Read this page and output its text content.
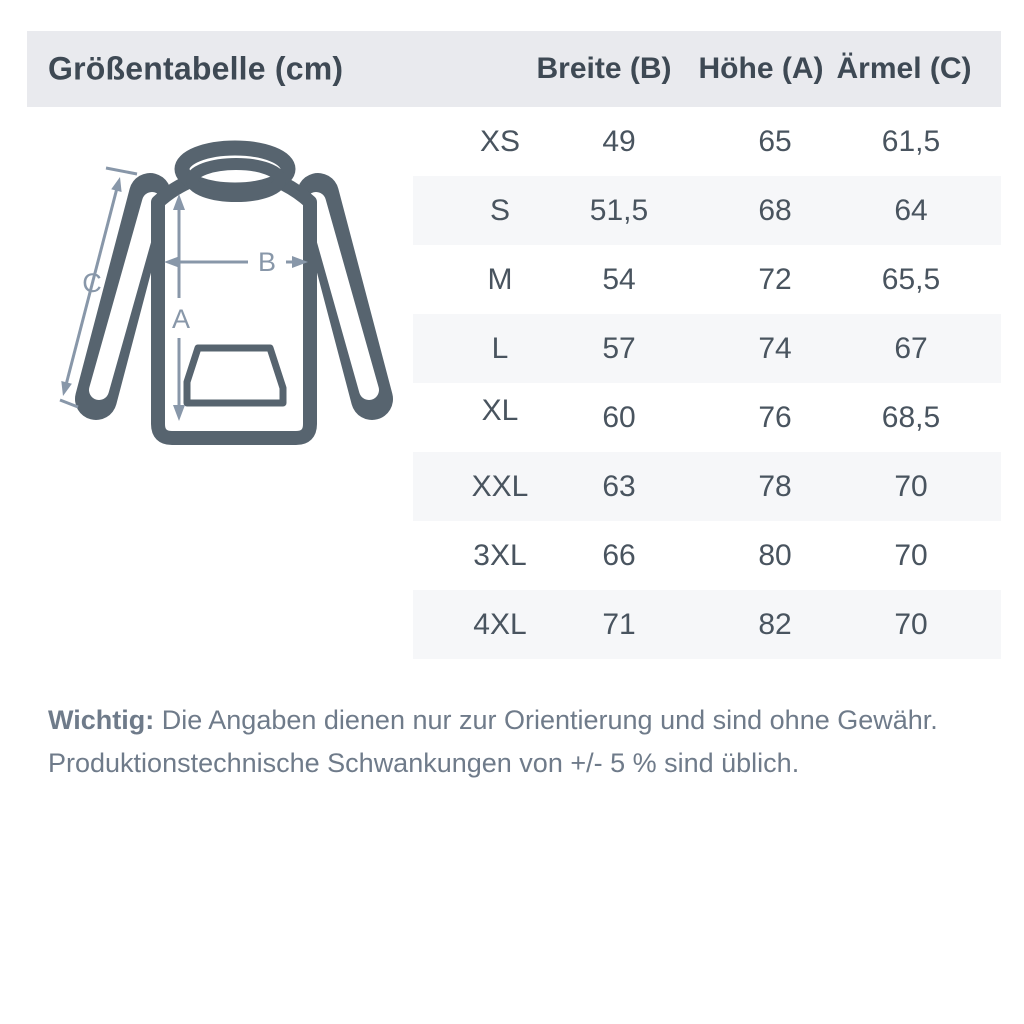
Größentabelle (cm)	Breite (B) Höhe (A) Ärmel (C)
A
B
C
XS	49	65	61,5
S	51,5	68	64
M	54	72	65,5
L	57	74	67
XL	60	76	68,5
XXL 63	78	70
3XL	66	80	70
4XL	71	82	70

Wichtig: Die Angaben dienen nur zur Orientierung und sind ohne Gewähr.
Produktionstechnische Schwankungen von +/- 5 % sind üblich.
